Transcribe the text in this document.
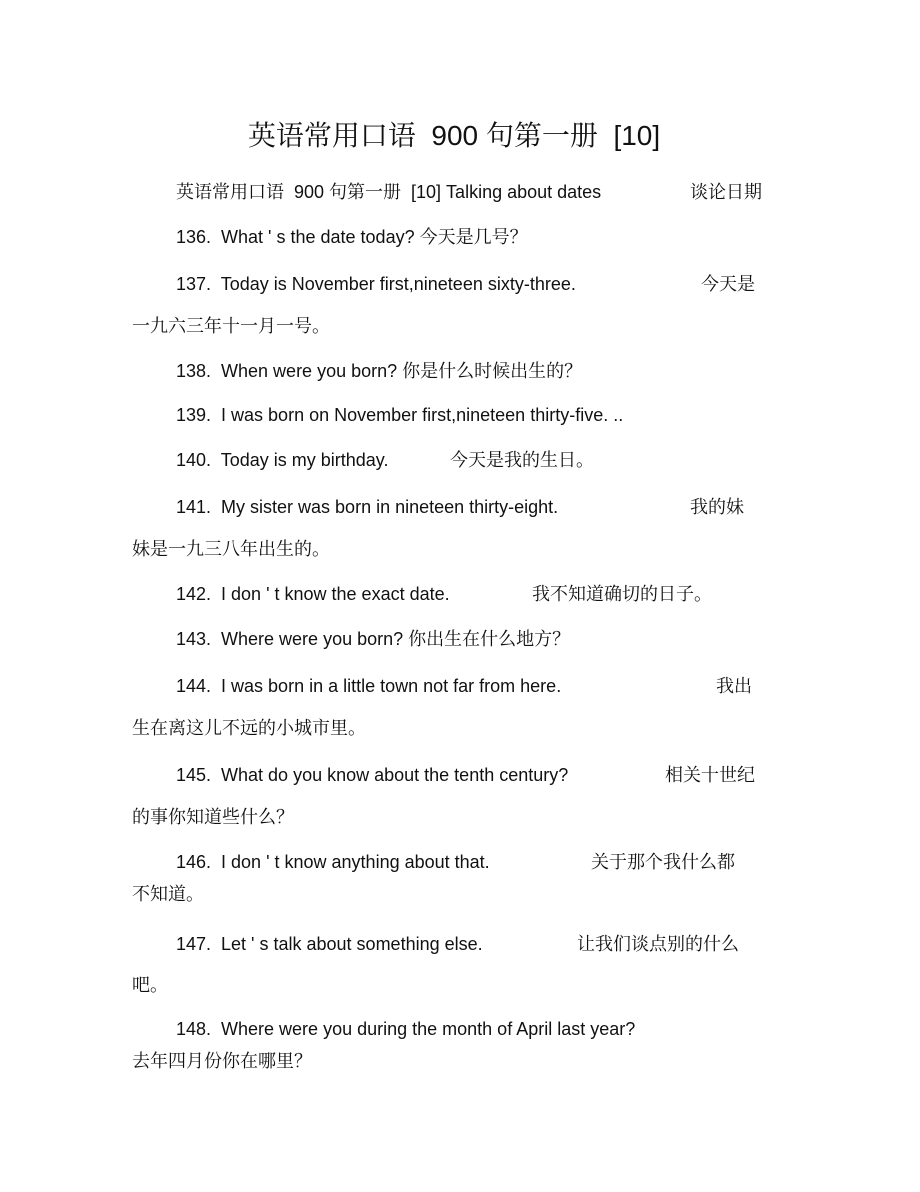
英语常用口语  900 句第一册  [10]
英语常用口语  900 句第一册  [10] Talking about dates	谈论日期
136.  What ' s the date today? 今天是几号？
137.  Today is November first,nineteen sixty-three.	今天是
一九六三年十一月一号。
138.  When were you born? 你是什么时候出生的？
139.  I was born on November first,nineteen thirty-five. ..
140.  Today is my birthday.	今天是我的生日。
141.  My sister was born in nineteen thirty-eight.	我的妹
妹是一九三八年出生的。
142.  I don ' t know the exact date.	我不知道确切的日子。
143.  Where were you born? 你出生在什么地方？
144.  I was born in a little town not far from here.	我出
生在离这儿不远的小城市里。
145.  What do you know about the tenth century?	相关十世纪
的事你知道些什么？
146.  I don ' t know anything about that.	关于那个我什么都
不知道。
147.  Let ' s talk about something else.	让我们谈点别的什么
吧。
148.  Where were you during the month of April last year?
去年四月份你在哪里？
